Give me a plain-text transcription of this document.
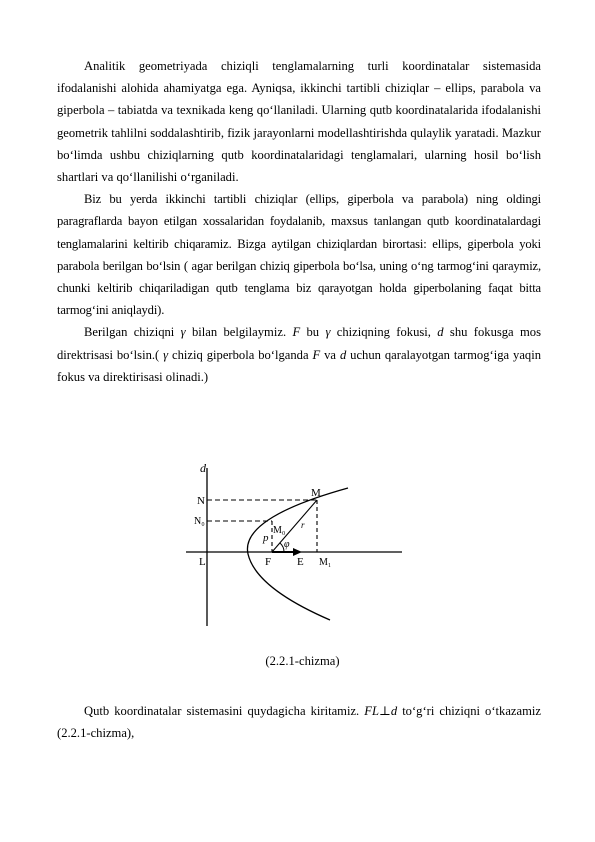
Analitik geometriyada chiziqli tenglamalarning turli koordinatalar sistemasida ifodalanishi alohida ahamiyatga ega. Ayniqsa, ikkinchi tartibli chiziqlar – ellips, parabola va giperbola – tabiatda va texnikada keng qo‘llaniladi. Ularning qutb koordinatalarida ifodalanishi geometrik tahlilni soddalashtirib, fizik jarayonlarni modellashtirishda qulaylik yaratadi. Mazkur bo‘limda ushbu chiziqlarning qutb koordinatalaridagi tenglamalari, ularning hosil bo‘lish shartlari va qo‘llanilishi o‘rganiladi.

Biz bu yerda ikkinchi tartibli chiziqlar (ellips, giperbola va parabola) ning oldingi paragraflarda bayon etilgan xossalaridan foydalanib, maxsus tanlangan qutb koordinatalardagi tenglamalarini keltirib chiqaramiz. Bizga aytilgan chiziqlardan birortasi: ellips, giperbola yoki parabola berilgan bo‘lsin ( agar berilgan chiziq giperbola bo‘lsa, uning o‘ng tarmog‘ini qaraymiz, chunki keltirib chiqariladigan qutb tenglama biz qarayotgan holda giperbolaning faqat bitta tarmog‘ini aniqlaydi).

Berilgan chiziqni γ bilan belgilaymiz. F bu γ chiziqning fokusi, d shu fokusga mos direktrisasi bo‘lsin.( γ chiziq giperbola bo‘lganda F va d uchun qaralayotgan tarmog‘iga yaqin fokus va direktirisasi olinadi.)

d
N
M
N₀
M₀ r
p
φ
L	F E M₁
(2.2.1-chizma)

Qutb koordinatalar sistemasini quydagicha kiritamiz. FL⊥d to‘g‘ri chiziqni o‘tkazamiz (2.2.1-chizma),
